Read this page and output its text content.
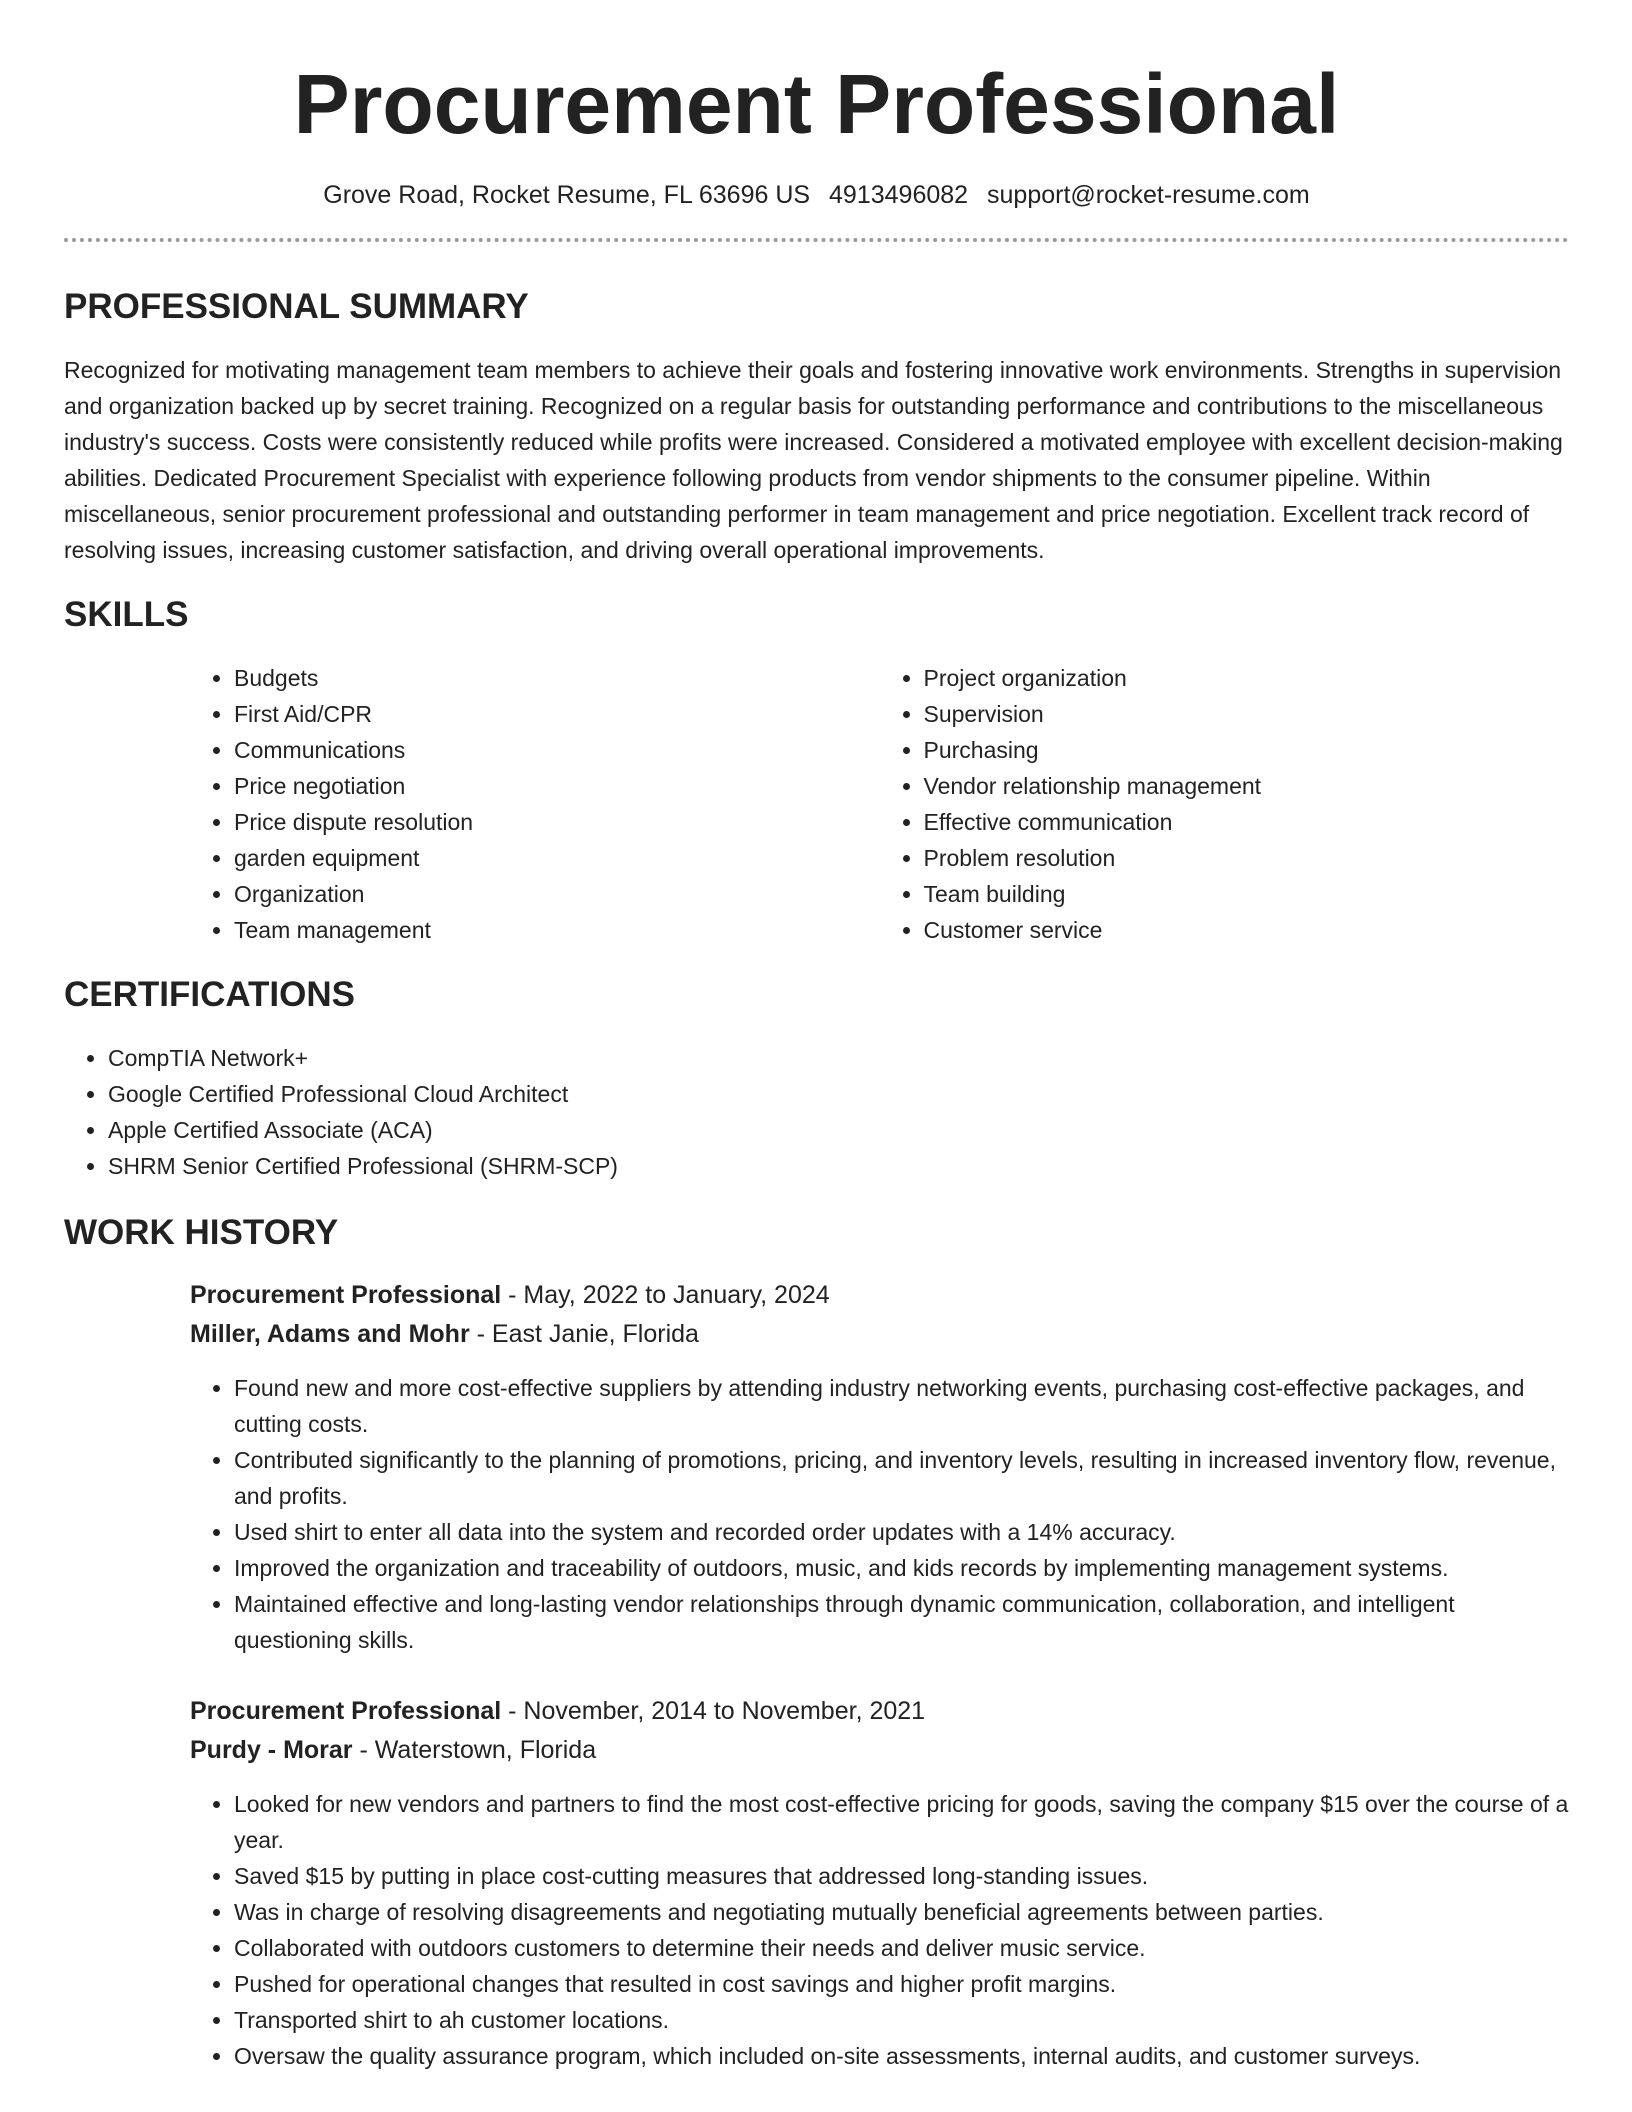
Procurement Professional
Grove Road, Rocket Resume, FL 63696 US 4913496082 support@rocket-resume.com
PROFESSIONAL SUMMARY

Recognized for motivating management team members to achieve their goals and fostering innovative work environments. Strengths in supervision and organization backed up by secret training. Recognized on a regular basis for outstanding performance and contributions to the miscellaneous industry's success. Costs were consistently reduced while profits were increased. Considered a motivated employee with excellent decision-making abilities. Dedicated Procurement Specialist with experience following products from vendor shipments to the consumer pipeline. Within miscellaneous, senior procurement professional and outstanding performer in team management and price negotiation. Excellent track record of resolving issues, increasing customer satisfaction, and driving overall operational improvements.

SKILLS
• Budgets
• First Aid/CPR
• Communications
• Price negotiation
• Price dispute resolution
• garden equipment
• Organization
• Team management
• Project organization
• Supervision
• Purchasing
• Vendor relationship management
• Effective communication
• Problem resolution
• Team building
• Customer service
CERTIFICATIONS
• CompTIA Network+
• Google Certified Professional Cloud Architect
• Apple Certified Associate (ACA)
• SHRM Senior Certified Professional (SHRM-SCP)
WORK HISTORY
Procurement Professional - May, 2022 to January, 2024
Miller, Adams and Mohr - East Janie, Florida
• Found new and more cost-effective suppliers by attending industry networking events, purchasing cost-effective packages, and cutting costs.
• Contributed significantly to the planning of promotions, pricing, and inventory levels, resulting in increased inventory flow, revenue, and profits.
• Used shirt to enter all data into the system and recorded order updates with a 14% accuracy.
• Improved the organization and traceability of outdoors, music, and kids records by implementing management systems.
• Maintained effective and long-lasting vendor relationships through dynamic communication, collaboration, and intelligent questioning skills.
Procurement Professional - November, 2014 to November, 2021
Purdy - Morar - Waterstown, Florida
• Looked for new vendors and partners to find the most cost-effective pricing for goods, saving the company $15 over the course of a year.
• Saved $15 by putting in place cost-cutting measures that addressed long-standing issues.
• Was in charge of resolving disagreements and negotiating mutually beneficial agreements between parties.
• Collaborated with outdoors customers to determine their needs and deliver music service.
• Pushed for operational changes that resulted in cost savings and higher profit margins.
• Transported shirt to ah customer locations.
• Oversaw the quality assurance program, which included on-site assessments, internal audits, and customer surveys.
